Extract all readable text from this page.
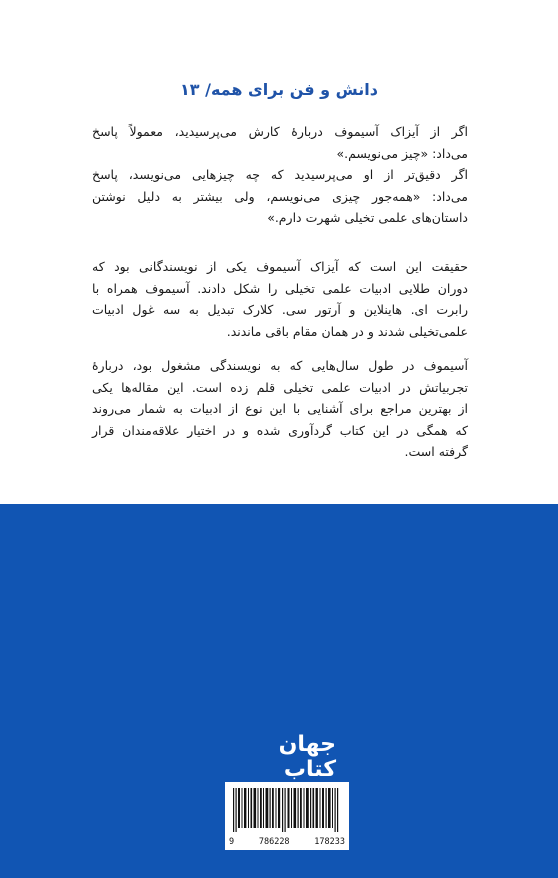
دانش و فن برای همه/ ۱۳
اگر از آیزاک آسیموف دربارهٔ کارش می‌پرسیدید، معمولاً پاسخ
می‌داد: «چیز می‌نویسم.»
اگر دقیق‌تر از او می‌پرسیدید که چه چیزهایی می‌نویسد، پاسخ
می‌داد: «همه‌جور چیزی می‌نویسم، ولی بیشتر به دلیل نوشتن
داستان‌های علمی‌ تخیلی شهرت دارم.»
حقیقت این است که آیزاک آسیموف یکی از نویسندگانی بود که
دوران طلایی ادبیات علمی تخیلی را شکل دادند. آسیموف همراه با
رابرت ای. هاینلاین و آرتور سی. کلارک تبدیل به سه غول ادبیات
علمی‌تخیلی شدند و در همان مقام باقی ماندند.
آسیموف در طول سال‌هایی که به نویسندگی مشغول بود، دربارهٔ
تجربیاتش در ادبیات علمی تخیلی قلم زده است. این مقاله‌ها یکی
از بهترین مراجع برای آشنایی با این نوع از ادبیات به شمار می‌روند
که همگی در این کتاب گردآوری شده و در اختیار علاقه‌مندان قرار
گرفته است.
جهان کتاب
9	786228	178233
